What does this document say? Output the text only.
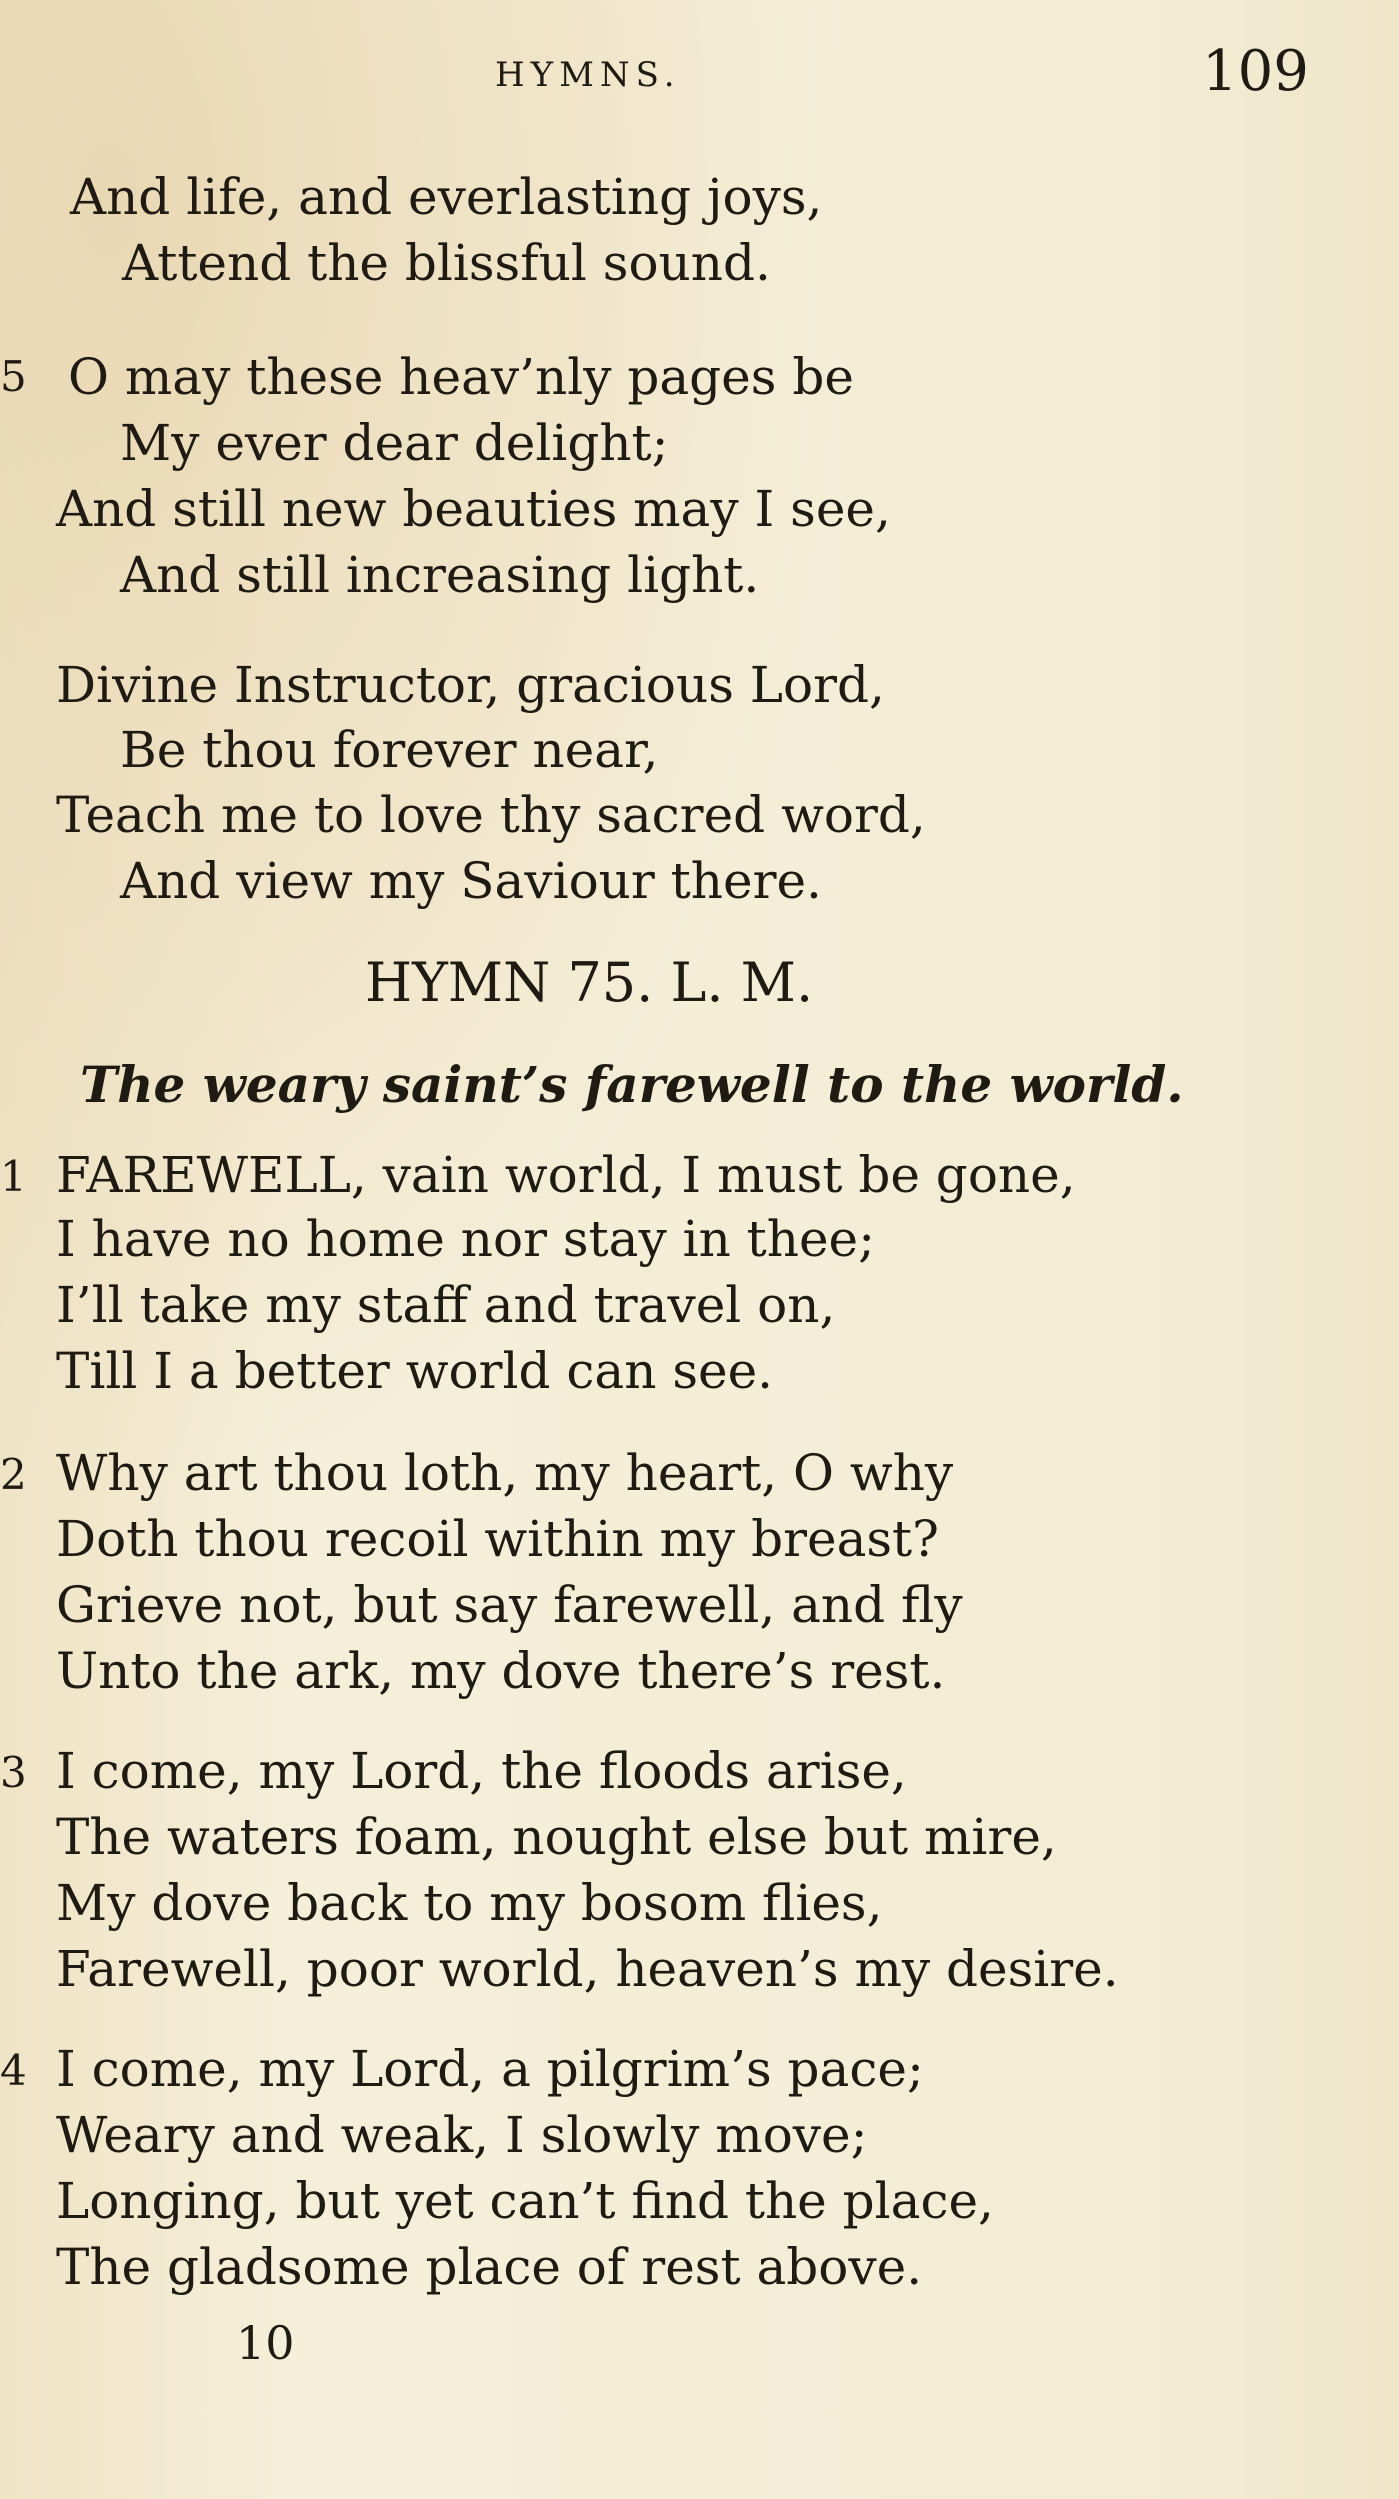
HYMNS.	109
And life, and everlasting joys,
Attend the blissful sound.
5 O may these heav’nly pages be
My ever dear delight;
And still new beauties may I see,
And still increasing light.
Divine Instructor, gracious Lord,
Be thou forever near,
Teach me to love thy sacred word,
And view my Saviour there.
HYMN 75. L. M.
The weary saint’s farewell to the world.
1 FAREWELL, vain world, I must be gone,
I have no home nor stay in thee;
I’ll take my staff and travel on,
Till I a better world can see.
2 Why art thou loth, my heart, O why
Doth thou recoil within my breast?
Grieve not, but say farewell, and fly
Unto the ark, my dove there’s rest.
3 I come, my Lord, the floods arise,
The waters foam, nought else but mire,
My dove back to my bosom flies,
Farewell, poor world, heaven’s my desire.
4 I come, my Lord, a pilgrim’s pace;
Weary and weak, I slowly move;
Longing, but yet can’t find the place,
The gladsome place of rest above.
10
